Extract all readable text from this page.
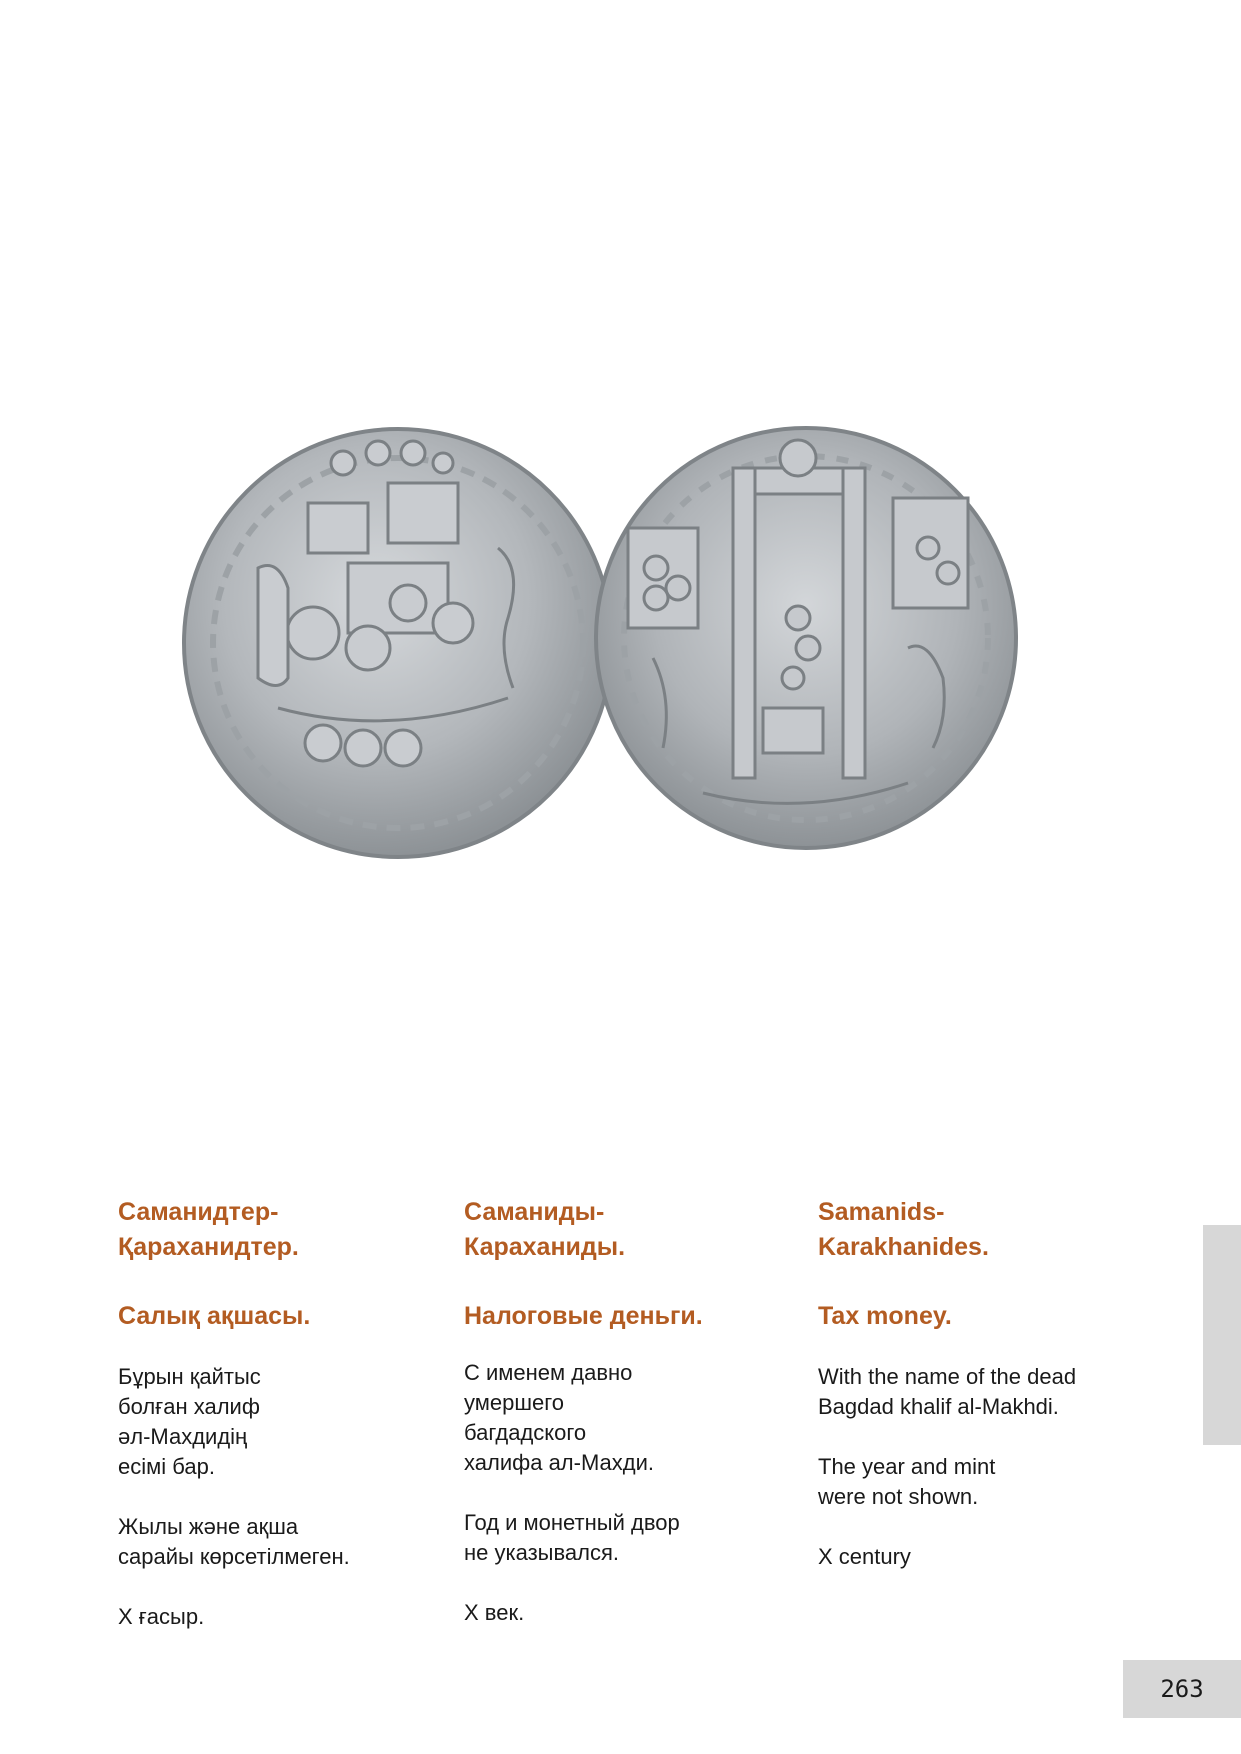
Саманидтер-
Қараханидтер.
Салық ақшасы.

Бұрын қайтыс
болған халиф
әл-Махдидің
есімі бар.

Жылы және ақша
сарайы көрсетілмеген.

Х ғасыр.

Саманиды-
Караханиды.
Налоговые деньги.

С именем давно
умершего
багдадского
халифа ал-Махди.

Год и монетный двор
не указывался.

Х век.

Samanids-
Karakhanides.
Tax money.

With the name of the dead
Bagdad khalif al-Makhdi.

The year and mint
were not shown.

X century

263
